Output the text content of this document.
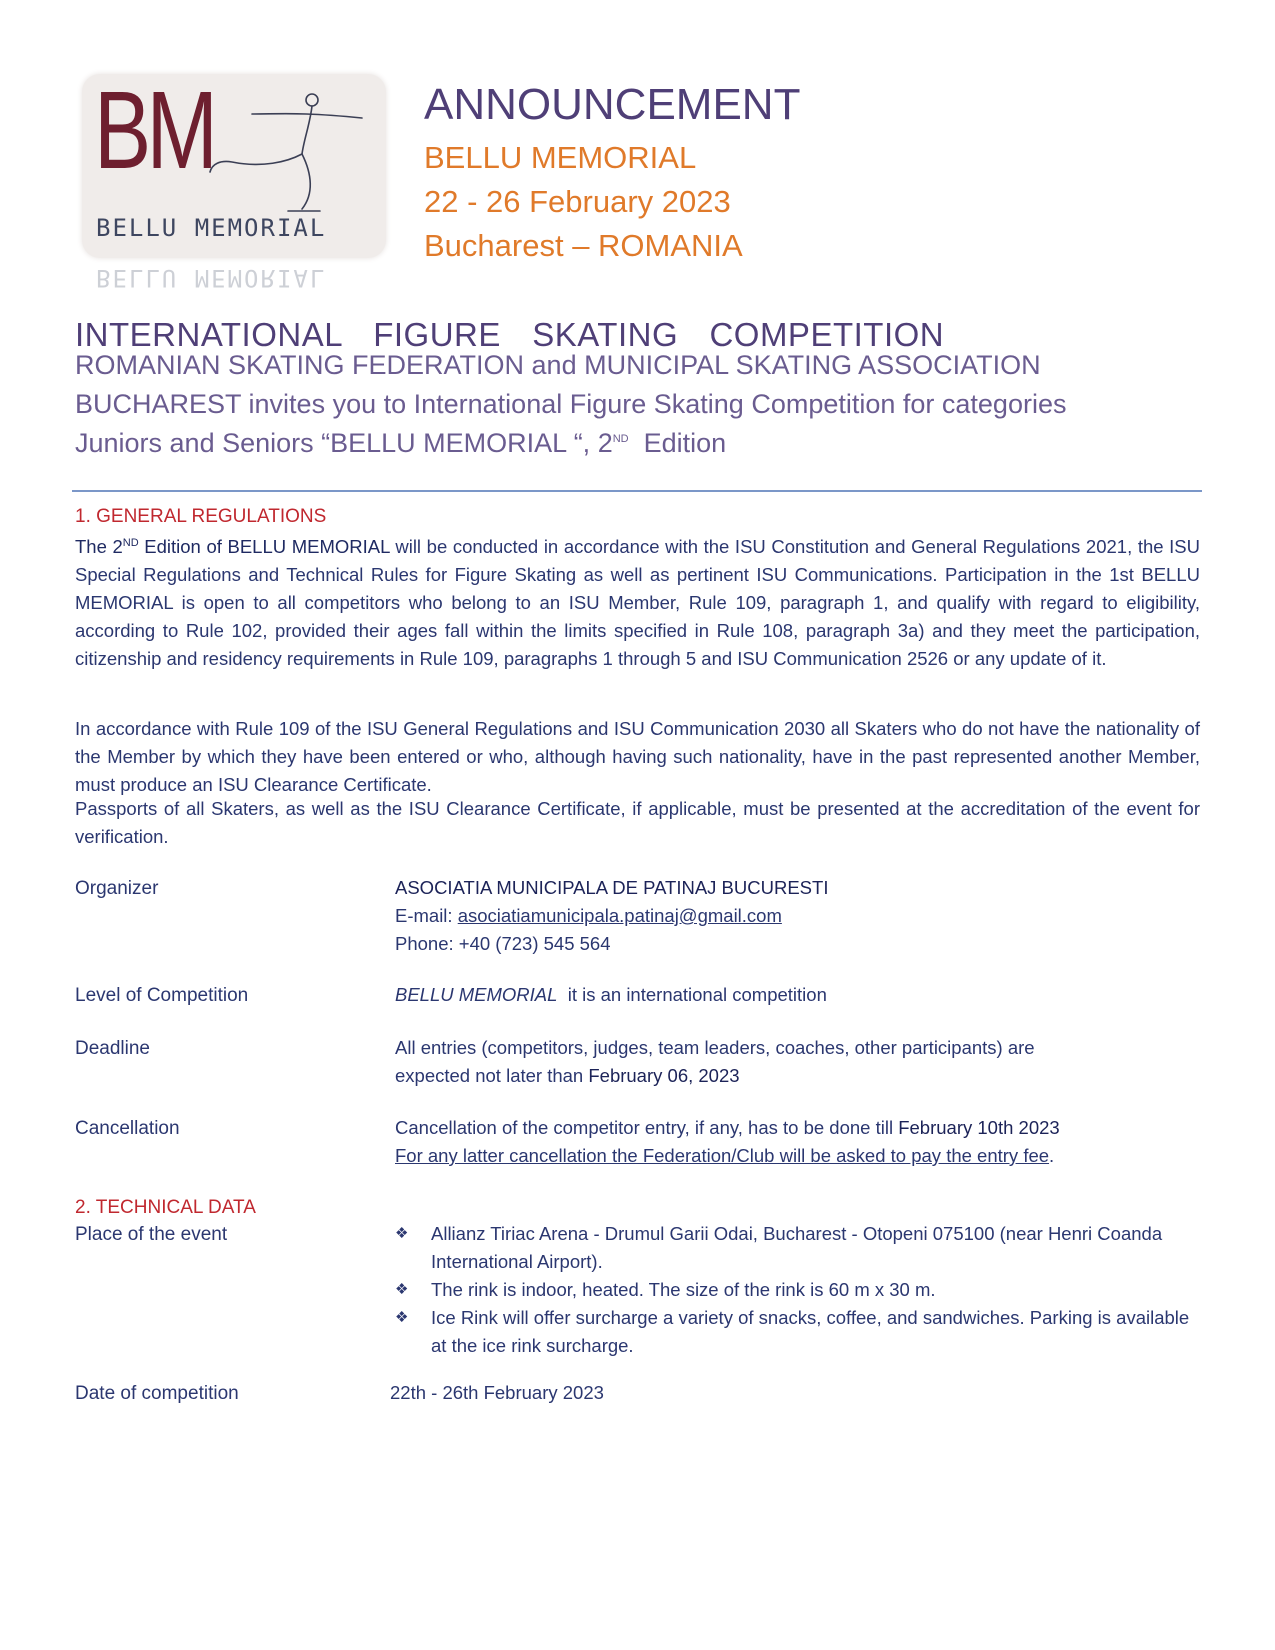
BM
BELLU MEMORIAL
BELLU MEMORIAL
ANNOUNCEMENT
BELLU MEMORIAL
22 - 26 February 2023
Bucharest – ROMANIA
INTERNATIONAL  FIGURE  SKATING  COMPETITION
ROMANIAN SKATING FEDERATION and MUNICIPAL SKATING ASSOCIATION
BUCHAREST invites you to International Figure Skating Competition for categories
Juniors and Seniors “BELLU MEMORIAL “, 2ND  Edition
1. GENERAL REGULATIONS
The 2ND Edition of BELLU MEMORIAL will be conducted in accordance with the ISU Constitution and General Regulations 2021, the ISU Special Regulations and Technical Rules for Figure Skating as well as pertinent ISU Communications. Participation in the 1st BELLU MEMORIAL is open to all competitors who belong to an ISU Member, Rule 109, paragraph 1, and qualify with regard to eligibility, according to Rule 102, provided their ages fall within the limits specified in Rule 108, paragraph 3a) and they meet the participation, citizenship and residency requirements in Rule 109, paragraphs 1 through 5 and ISU Communication 2526 or any update of it.
In accordance with Rule 109 of the ISU General Regulations and ISU Communication 2030 all Skaters who do not have the nationality of the Member by which they have been entered or who, although having such nationality, have in the past represented another Member, must produce an ISU Clearance Certificate.
Passports of all Skaters, as well as the ISU Clearance Certificate, if applicable, must be presented at the accreditation of the event for verification.
Organizer	ASOCIATIA MUNICIPALA DE PATINAJ BUCURESTI
E-mail: asociatiamunicipala.patinaj@gmail.com
Phone: +40 (723) 545 564
Level of Competition	BELLU MEMORIAL  it is an international competition
Deadline	All entries (competitors, judges, team leaders, coaches, other participants) are
expected not later than February 06, 2023
Cancellation	Cancellation of the competitor entry, if any, has to be done till February 10th 2023
For any latter cancellation the Federation/Club will be asked to pay the entry fee.
2. TECHNICAL DATA
Place of the event	❖ Allianz Tiriac Arena - Drumul Garii Odai, Bucharest - Otopeni 075100 (near Henri Coanda International Airport).
❖ The rink is indoor, heated. The size of the rink is 60 m x 30 m.
❖ Ice Rink will offer surcharge a variety of snacks, coffee, and sandwiches. Parking is available at the ice rink surcharge.
Date of competition	22th - 26th February 2023
